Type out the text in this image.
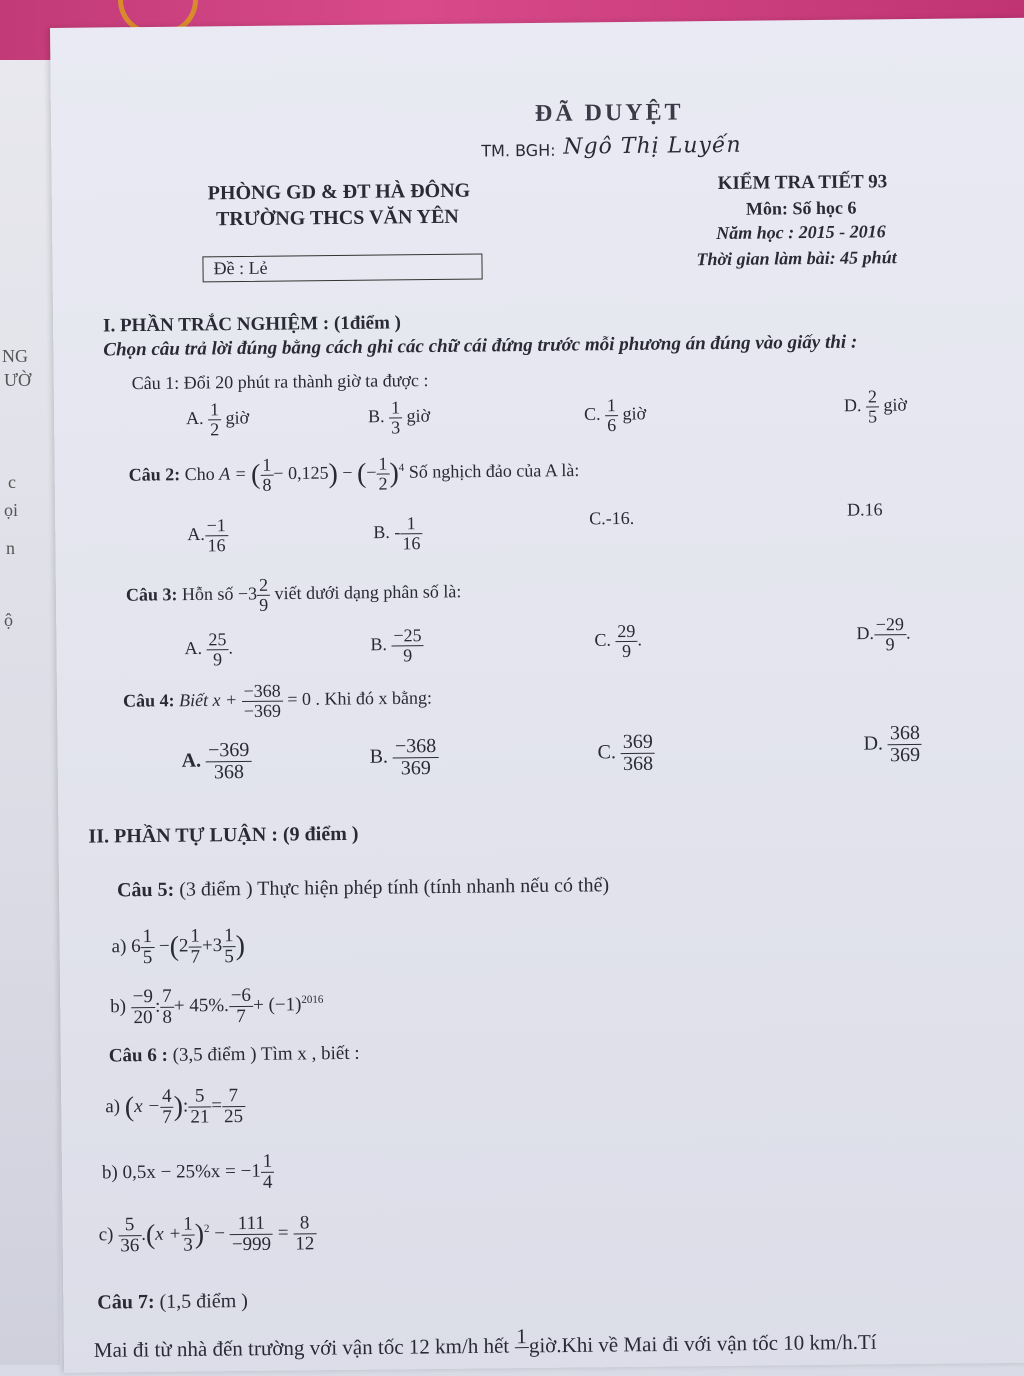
NG
ƯỜ
c
ọi
n
ộ
ĐÃ DUYỆT
TM. BGH: Ngô Thị Luyến
PHÒNG GD & ĐT HÀ ĐÔNG
TRƯỜNG THCS VĂN YÊN
KIỂM TRA TIẾT 93
Môn: Số học 6
Năm học : 2015 - 2016
Thời gian làm bài: 45 phút
Đề : Lẻ
I. PHẦN TRẮC NGHIỆM : (1điểm )
Chọn câu trả lời đúng bằng cách ghi các chữ cái đứng trước mỗi phương án đúng vào giấy thi :
Câu 1: Đổi 20 phút ra thành giờ ta được :
A. $\frac{1}{2}$ giờ	B. $\frac{1}{3}$ giờ	C. $\frac{1}{6}$ giờ	D. $\frac{2}{5}$ giờ
Câu 2: Cho A = ( $\frac{1}{8} - 0,125$) − (− $\frac{1}{2} )^4$ Số nghịch đảo của A là:
A. $\frac{-1}{16}$	B. - $\frac{1}{16}$	C.-16.	D.16
Câu 3: Hỗn số $-3 \frac{2}{9}$ viết dưới dạng phân số là:
A. $\frac{25}{9}$ .	B. $\frac{-25}{9}$	C. $\frac{29}{9}$ .	D. $\frac{-29}{9}$ .
Câu 4: Biết $x + \frac{-368}{-369} = 0$ . Khi đó x bằng:
A. $\frac{-369}{368}$	B. $\frac{-368}{369}$	C. $\frac{369}{368}$	D. $\frac{368}{369}$
II. PHẦN TỰ LUẬN : (9 điểm )
Câu 5: (3 điểm ) Thực hiện phép tính (tính nhanh nếu có thể)
a) $6 \frac{1}{5} -(2 \frac{1}{7} +3 \frac{1}{5}$ )
$b) \frac{-9}{20}$ : $\frac{7}{8} + 45\%$. $\frac{-6}{7} + (-1)^{2016}$
Câu 6 : (3,5 điểm ) Tìm x , biết :
a) ($x - \frac{4}{7}$ ): $\frac{5}{21} = \frac{7}{25}$
b) $0,5x - 25\%x = -1 \frac{1}{4}$
$c) \frac{5}{36} .(x + \frac{1}{3} )^2 - \frac{111}{-999} = \frac{8}{12}$
Câu 7: (1,5 điểm )
Mai đi từ nhà đến trường với vận tốc 12 km/h hết 1
giờ.Khi về Mai đi với vận tốc 10 km/h.Tí
